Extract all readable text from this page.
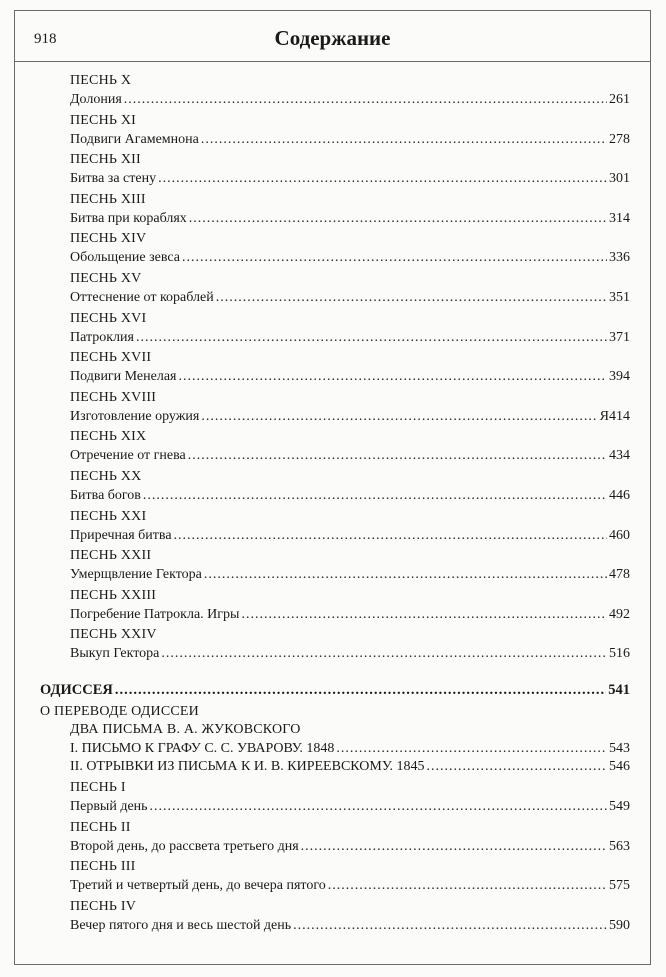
918	Содержание
ПЕСНЬ X
Долония .....	261
ПЕСНЬ XI
Подвиги Агамемнона .....	278
ПЕСНЬ XII
Битва за стену .....	301
ПЕСНЬ XIII
Битва при кораблях .....	314
ПЕСНЬ XIV
Обольщение зевса .....	336
ПЕСНЬ XV
Оттеснение от кораблей .....	351
ПЕСНЬ XVI
Патроклия .....	371
ПЕСНЬ XVII
Подвиги Менелая .....	394
ПЕСНЬ XVIII
Изготовление оружия .....	Я414
ПЕСНЬ XIX
Отречение от гнева .....	434
ПЕСНЬ XX
Битва богов .....	446
ПЕСНЬ XXI
Приречная битва .....	460
ПЕСНЬ XXII
Умерщвление Гектора .....	478
ПЕСНЬ XXIII
Погребение Патрокла. Игры .....	492
ПЕСНЬ XXIV
Выкуп Гектора .....	516
ОДИССЕЯ .....	541
О ПЕРЕВОДЕ ОДИССЕИ
ДВА ПИСЬМА В. А. ЖУКОВСКОГО
I. ПИСЬМО К ГРАФУ С. С. УВАРОВУ. 1848 .....	543
II. ОТРЫВКИ ИЗ ПИСЬМА К И. В. КИРЕЕВСКОМУ. 1845 .....	546
ПЕСНЬ I
Первый день .....	549
ПЕСНЬ II
Второй день, до рассвета третьего дня .....	563
ПЕСНЬ III
Третий и четвертый день, до вечера пятого .....	575
ПЕСНЬ IV
Вечер пятого дня и весь шестой день .....	590
